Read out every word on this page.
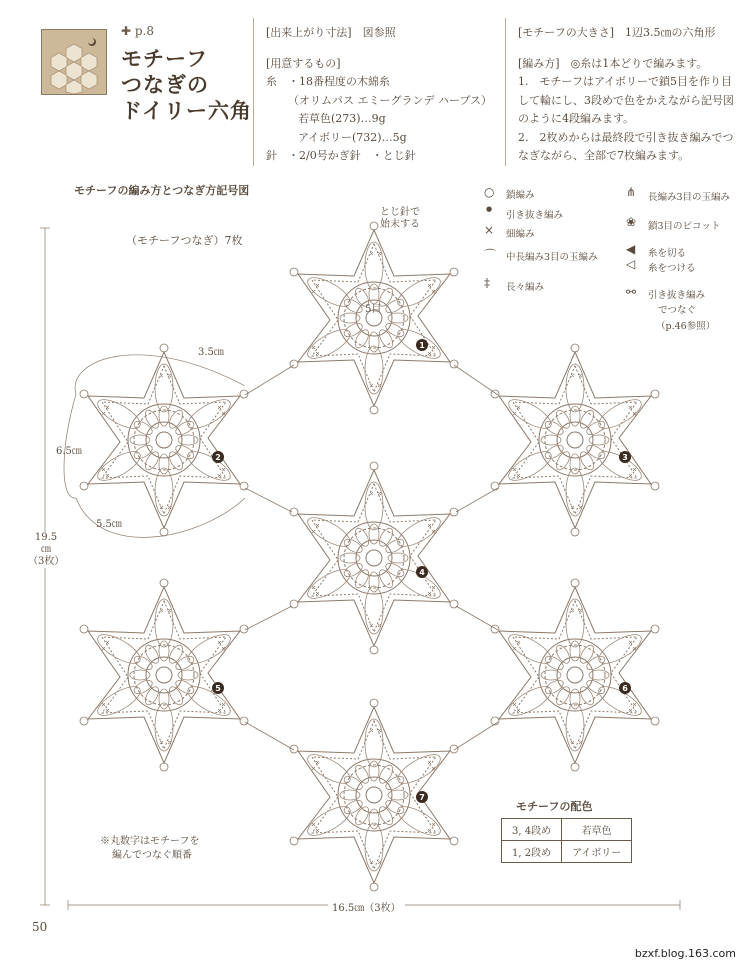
✚ p.8
モチーフ
つなぎの
ドイリー六角
[出来上がり寸法]　 図参照
[用意するもの]
糸　 ・18番程度の木綿糸
（オリムパス エミーグランデ ハーブス）
若草色(273)…9g
アイボリー(732)…5g
針　 ・2/0号かぎ針　・とじ針
[モチーフの大きさ]　 1辺3.5㎝の六角形
[編み方]　 ◎糸は1本どりで編みます。
1.　モチーフはアイボリーで鎖5目を作り目して輪にし、3段めで色をかえながら記号図のように4段編みます。
2.　2枚めからは最終段で引き抜き編みでつなぎながら、全部で7枚編みます。
モチーフの編み方とつなぎ方記号図
（モチーフつなぎ）7枚
1
2	3
4
5	6
7
3.5㎝
6.5㎝
5.5㎝
19.5
㎝
（3枚）
16.5㎝（3枚）
とじ針で
始末する
5目
※丸数字はモチーフを
編んでつなぐ順番
○ 鎖編み
●
引き抜き編み
× 細編み
⌒ 中長編み3目の玉編み
‡ 長々編み
⋔ 長編み3目の玉編み
❀ 鎖3目のピコット
◀ 糸を切る
◁ 糸をつける
⚯ 引き抜き編み
でつなぐ
（p.46参照）
モチーフの配色
3, 4段め	若草色
1, 2段め	アイボリー
50
bzxf.blog.163.com
